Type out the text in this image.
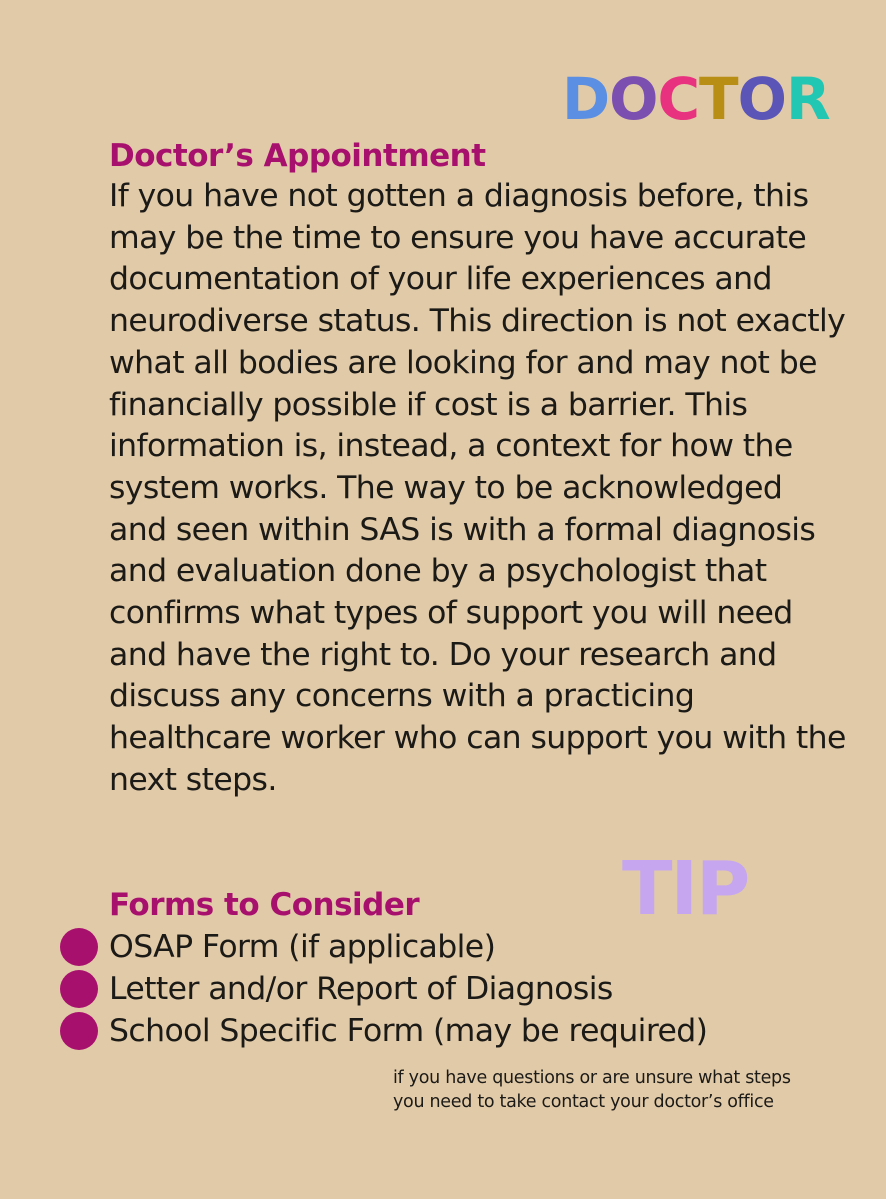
DOCTOR
Doctor’s Appointment

If you have not gotten a diagnosis before, this may be the time to ensure you have accurate documentation of your life experiences and neurodiverse status. This direction is not exactly what all bodies are looking for and may not be financially possible if cost is a barrier. This information is, instead, a context for how the system works. The way to be acknowledged and seen within SAS is with a formal diagnosis and evaluation done by a psychologist that confirms what types of support you will need and have the right to. Do your research and discuss any concerns with a practicing healthcare worker who can support you with the next steps.

TIP
Forms to Consider
OSAP Form (if applicable)
Letter and/or Report of Diagnosis
School Specific Form (may be required)

if you have questions or are unsure what steps
you need to take contact your doctor’s office
